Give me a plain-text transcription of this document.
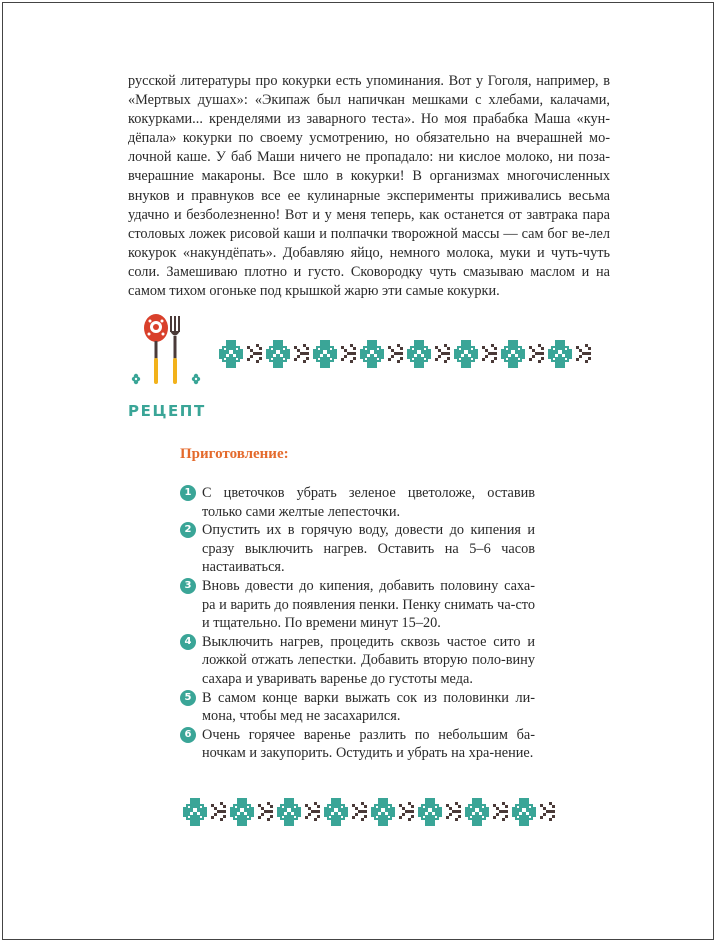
русской литературы про кокурки есть упоминания. Вот у Гоголя, например, в «Мертвых душах»: «Экипаж был напичкан мешками с хлебами, калачами, кокурками... кренделями из заварного теста». Но моя прабабка Маша «кун-дёпала» кокурки по своему усмотрению, но обязательно на вчерашней мо-лочной каше. У баб Маши ничего не пропадало: ни кислое молоко, ни поза-вчерашние макароны. Все шло в кокурки! В организмах многочисленных внуков и правнуков все ее кулинарные эксперименты приживались весьма удачно и безболезненно! Вот и у меня теперь, как останется от завтрака пара столовых ложек рисовой каши и полпачки творожной массы — сам бог ве-лел кокурок «накундёпать». Добавляю яйцо, немного молока, муки и чуть-чуть соли. Замешиваю плотно и густо. Сковородку чуть смазываю маслом и на самом тихом огоньке под крышкой жарю эти самые кокурки.

РЕЦЕПТ

Приготовление:

1 С цветочков убрать зеленое цветоложе, оставив только сами желтые лепесточки.
2 Опустить их в горячую воду, довести до кипения и сразу выключить нагрев. Оставить на 5–6 часов настаиваться.
3 Вновь довести до кипения, добавить половину саха-ра и варить до появления пенки. Пенку снимать ча-сто и тщательно. По времени минут 15–20.
4 Выключить нагрев, процедить сквозь частое сито и ложкой отжать лепестки. Добавить вторую поло-вину сахара и уваривать варенье до густоты меда.
5 В самом конце варки выжать сок из половинки ли-мона, чтобы мед не засахарился.
6 Очень горячее варенье разлить по небольшим ба-ночкам и закупорить. Остудить и убрать на хра-нение.
